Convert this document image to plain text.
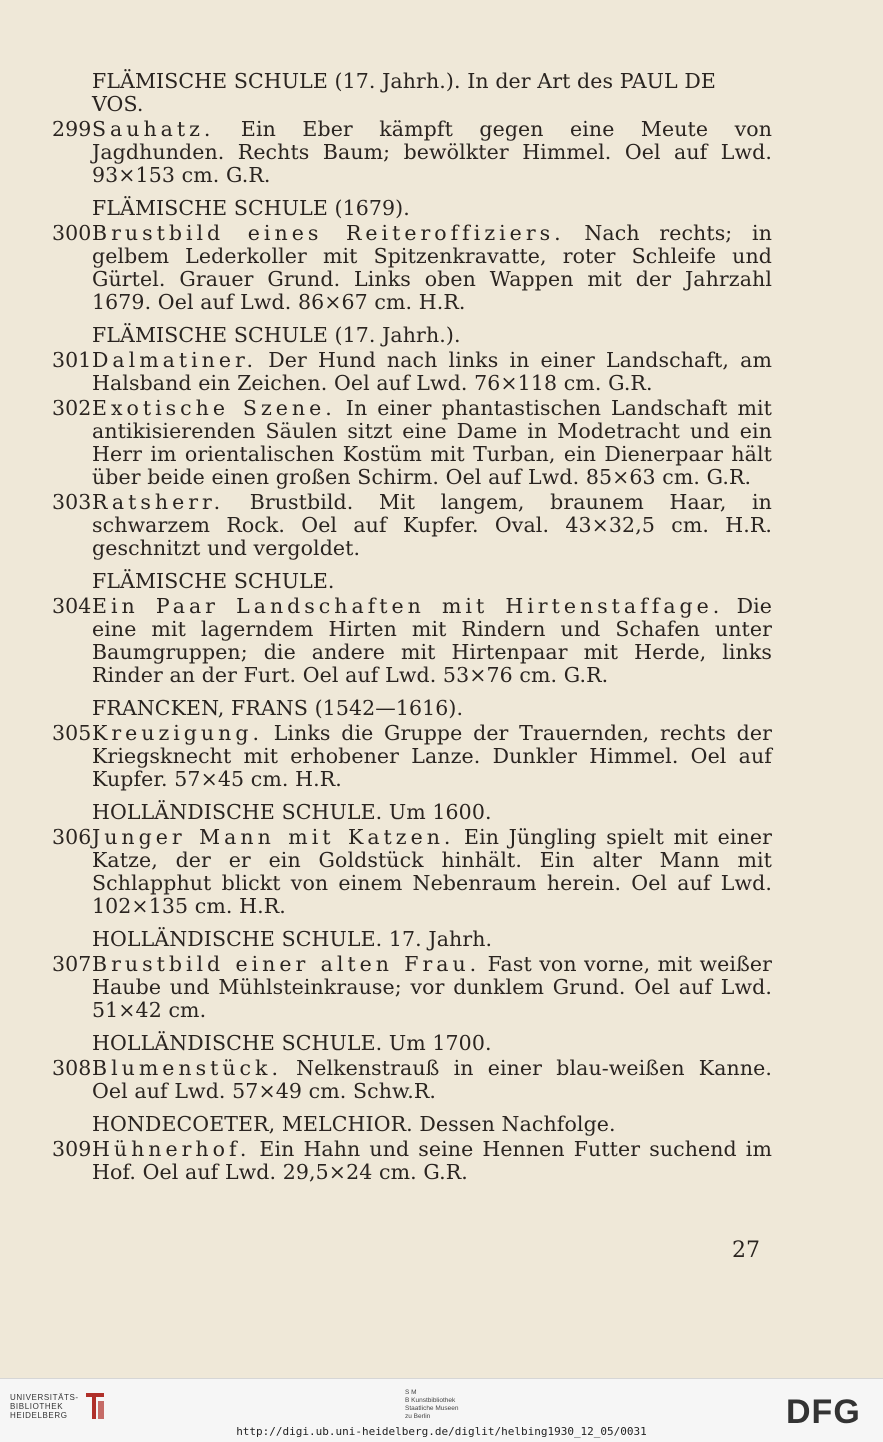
FLÄMISCHE SCHULE (17. Jahrh.). In der Art des PAUL DE VOS.
299 Sauhatz. Ein Eber kämpft gegen eine Meute von Jagdhunden. Rechts Baum; bewölkter Himmel. Oel auf Lwd. 93×153 cm. G.R.
FLÄMISCHE SCHULE (1679).
300 Brustbild eines Reiteroffiziers. Nach rechts; in gelbem Lederkoller mit Spitzenkravatte, roter Schleife und Gürtel. Grauer Grund. Links oben Wappen mit der Jahrzahl 1679. Oel auf Lwd. 86×67 cm. H.R.
FLÄMISCHE SCHULE (17. Jahrh.).
301 Dalmatiner. Der Hund nach links in einer Landschaft, am Halsband ein Zeichen. Oel auf Lwd. 76×118 cm. G.R.
302 Exotische Szene. In einer phantastischen Landschaft mit antikisierenden Säulen sitzt eine Dame in Modetracht und ein Herr im orientalischen Kostüm mit Turban, ein Dienerpaar hält über beide einen großen Schirm. Oel auf Lwd. 85×63 cm. G.R.
303 Ratsherr. Brustbild. Mit langem, braunem Haar, in schwarzem Rock. Oel auf Kupfer. Oval. 43×32,5 cm. H.R. geschnitzt und vergoldet.
FLÄMISCHE SCHULE.
304 Ein Paar Landschaften mit Hirtenstaffage. Die eine mit lagerndem Hirten mit Rindern und Schafen unter Baumgruppen; die andere mit Hirtenpaar mit Herde, links Rinder an der Furt. Oel auf Lwd. 53×76 cm. G.R.
FRANCKEN, FRANS (1542—1616).
305 Kreuzigung. Links die Gruppe der Trauernden, rechts der Kriegsknecht mit erhobener Lanze. Dunkler Himmel. Oel auf Kupfer. 57×45 cm. H.R.
HOLLÄNDISCHE SCHULE. Um 1600.
306 Junger Mann mit Katzen. Ein Jüngling spielt mit einer Katze, der er ein Goldstück hinhält. Ein alter Mann mit Schlapphut blickt von einem Nebenraum herein. Oel auf Lwd. 102×135 cm. H.R.
HOLLÄNDISCHE SCHULE. 17. Jahrh.
307 Brustbild einer alten Frau. Fast von vorne, mit weißer Haube und Mühlsteinkrause; vor dunklem Grund. Oel auf Lwd. 51×42 cm.
HOLLÄNDISCHE SCHULE. Um 1700.
308 Blumenstück. Nelkenstrauß in einer blau-weißen Kanne. Oel auf Lwd. 57×49 cm. Schw.R.
HONDECOETER, MELCHIOR. Dessen Nachfolge.
309 Hühnerhof. Ein Hahn und seine Hennen Futter suchend im Hof. Oel auf Lwd. 29,5×24 cm. G.R.
27
UNIVERSITÄTS-
BIBLIOTHEK
HEIDELBERG
S M
B Kunstbibliothek
Staatliche Museen
zu Berlin	DFG
http://digi.ub.uni-heidelberg.de/diglit/helbing1930_12_05/0031
